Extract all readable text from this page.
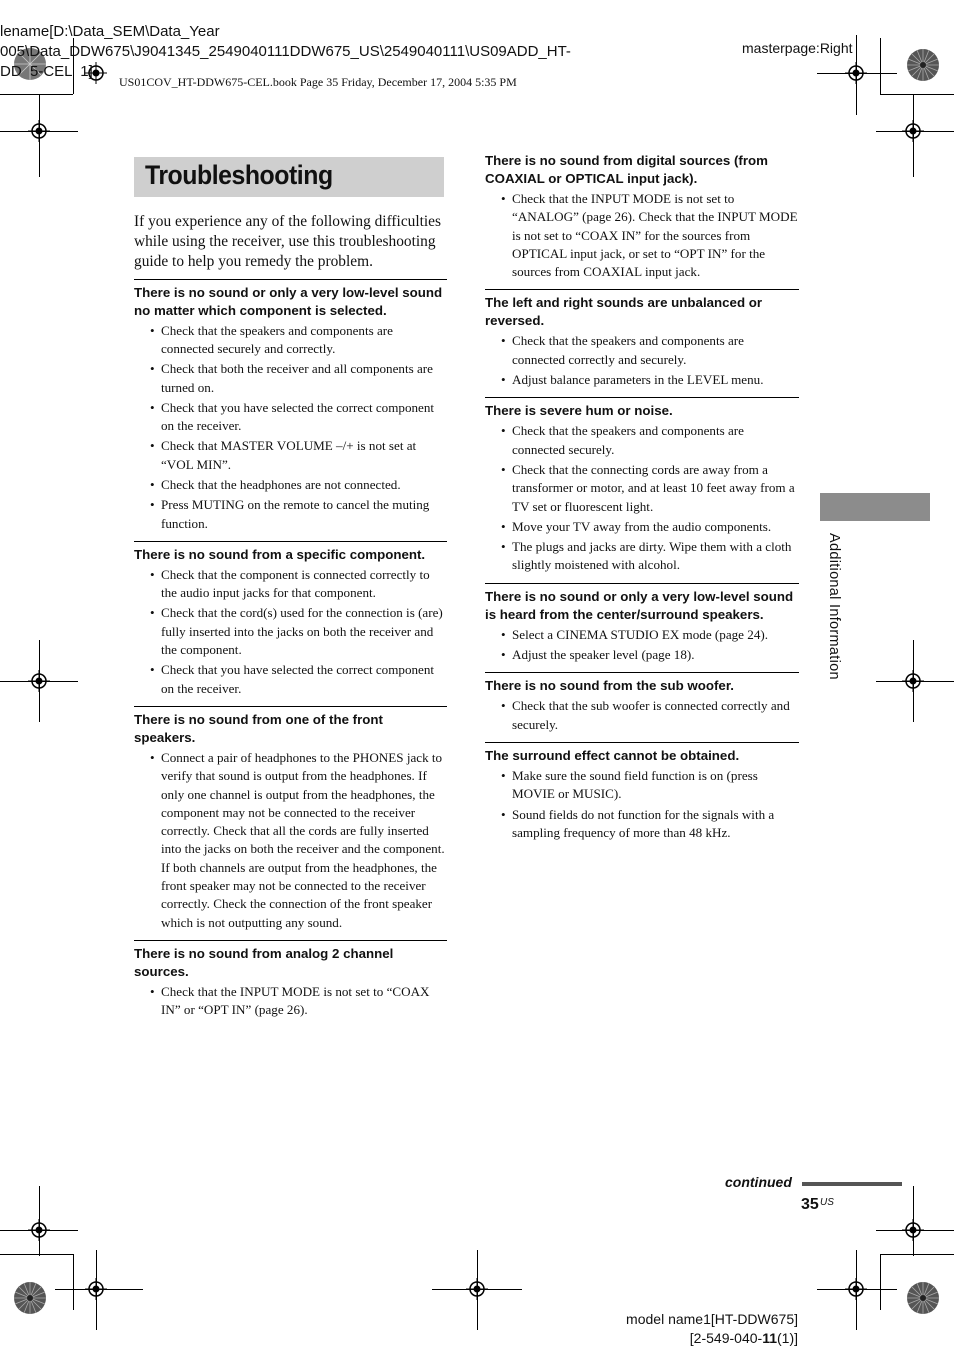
lename[D:\Data_SEM\Data_Year
005\Data_DDW675\J9041345_2549040111DDW675_US\2549040111\US09ADD_HT-
DD  5-CEL  1]
masterpage:Right
US01COV_HT-DDW675-CEL.book Page 35 Friday, December 17, 2004 5:35 PM
Troubleshooting

If you experience any of the following difficulties while using the receiver, use this troubleshooting guide to help you remedy the problem.

There is no sound or only a very low-level sound no matter which component is selected.
• Check that the speakers and components are connected securely and correctly.
• Check that both the receiver and all components are turned on.
• Check that you have selected the correct component on the receiver.
• Check that MASTER VOLUME –/+ is not set at “VOL MIN”.
• Check that the headphones are not connected.
• Press MUTING on the remote to cancel the muting function.
There is no sound from a specific component.
• Check that the component is connected correctly to the audio input jacks for that component.
• Check that the cord(s) used for the connection is (are) fully inserted into the jacks on both the receiver and the component.
• Check that you have selected the correct component on the receiver.
There is no sound from one of the front speakers.
• Connect a pair of headphones to the PHONES jack to verify that sound is output from the headphones. If only one channel is output from the headphones, the component may not be connected to the receiver correctly. Check that all the cords are fully inserted into the jacks on both the receiver and the component. If both channels are output from the headphones, the front speaker may not be connected to the receiver correctly. Check the connection of the front speaker which is not outputting any sound.
There is no sound from analog 2 channel sources.
• Check that the INPUT MODE is not set to “COAX IN” or “OPT IN” (page 26).
There is no sound from digital sources (from COAXIAL or OPTICAL input jack).
• Check that the INPUT MODE is not set to “ANALOG” (page 26). Check that the INPUT MODE is not set to “COAX IN” for the sources from OPTICAL input jack, or set to “OPT IN” for the sources from COAXIAL input jack.
The left and right sounds are unbalanced or reversed.
• Check that the speakers and components are connected correctly and securely.
• Adjust balance parameters in the LEVEL menu.
There is severe hum or noise.
• Check that the speakers and components are connected securely.
• Check that the connecting cords are away from a transformer or motor, and at least 10 feet away from a TV set or fluorescent light.
• Move your TV away from the audio components.
• The plugs and jacks are dirty. Wipe them with a cloth slightly moistened with alcohol.
There is no sound or only a very low-level sound is heard from the center/surround speakers.
• Select a CINEMA STUDIO EX mode (page 24).
• Adjust the speaker level (page 18).
There is no sound from the sub woofer.
• Check that the sub woofer is connected correctly and securely.
The surround effect cannot be obtained.
• Make sure the sound field function is on (press MOVIE or MUSIC).
• Sound fields do not function for the signals with a sampling frequency of more than 48 kHz.
Additional Information
continued
35 US
model name1[HT-DDW675]
[2-549-040-11(1)]
